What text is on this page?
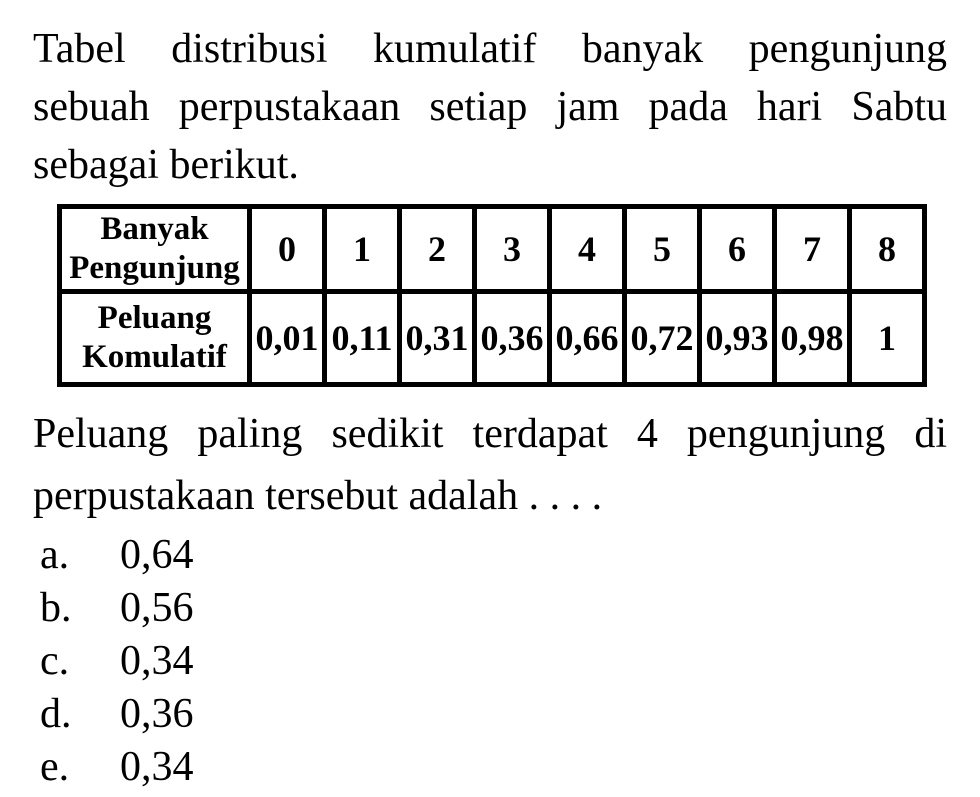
Tabel distribusi kumulatif banyak pengunjung
sebuah perpustakaan setiap jam pada hari Sabtu
sebagai berikut.
Banyak Pengunjung	0	1	2	3	4	5	6	7	8
Peluang Komulatif	0,01	0,11	0,31	0,36	0,66	0,72	0,93	0,98	1
Peluang paling sedikit terdapat 4 pengunjung di
perpustakaan tersebut adalah . . . .
a.	0,64
b.	0,56
c.	0,34
d.	0,36
e.	0,34
